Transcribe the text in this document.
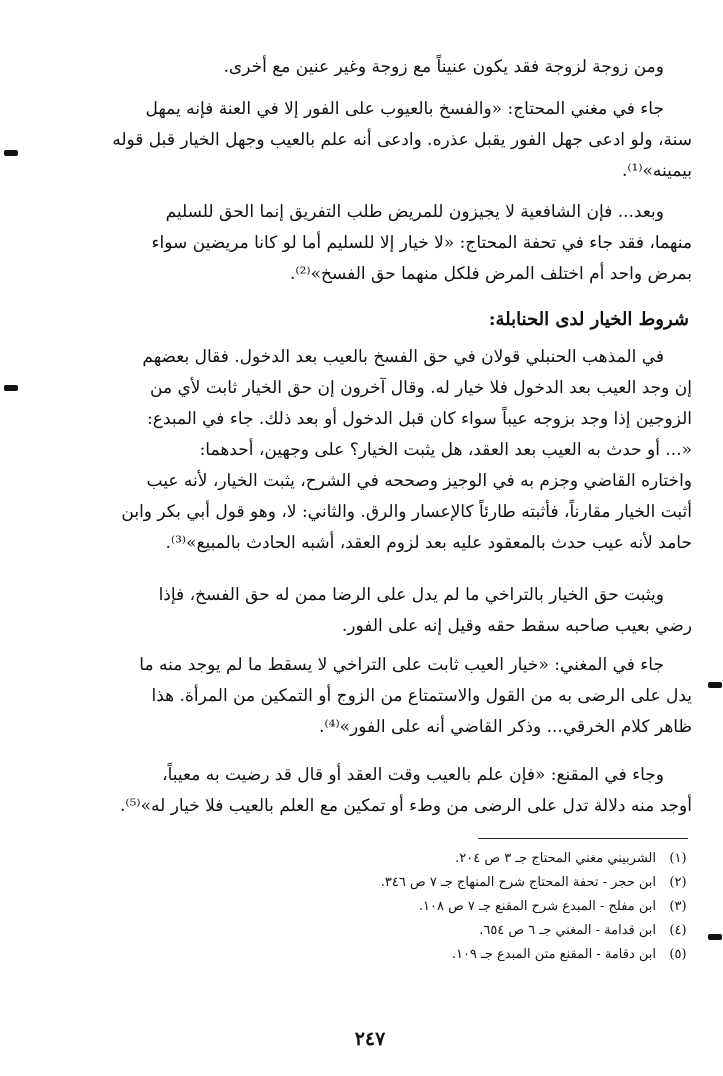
ومن زوجة لزوجة فقد يكون عنيناً مع زوجة وغير عنين مع أخرى.
جاء في مغني المحتاج: «والفسخ بالعيوب على الفور إلا في العنة فإنه يمهل
سنة، ولو ادعى جهل الفور يقبل عذره. وادعى أنه علم بالعيب وجهل الخيار قبل قوله
بيمينه»⁽¹⁾.
وبعد... فإن الشافعية لا يجيزون للمريض طلب التفريق إنما الحق للسليم
منهما، فقد جاء في تحفة المحتاج: «لا خيار إلا للسليم أما لو كانا مريضين سواء
بمرض واحد أم اختلف المرض فلكل منهما حق الفسخ»⁽²⁾.
شروط الخيار لدى الحنابلة:
في المذهب الحنبلي قولان في حق الفسخ بالعيب بعد الدخول. فقال بعضهم
إن وجد العيب بعد الدخول فلا خيار له. وقال آخرون إن حق الخيار ثابت لأي من
الزوجين إذا وجد بزوجه عيباً سواء كان قبل الدخول أو بعد ذلك. جاء في المبدع:
«... أو حدث به العيب بعد العقد، هل يثبت الخيار؟ على وجهين، أحدهما:
واختاره القاضي وجزم به في الوجيز وصححه في الشرح، يثبت الخيار، لأنه عيب
أثبت الخيار مقارناً، فأثبته طارئاً كالإعسار والرق. والثاني: لا، وهو قول أبي بكر وابن
حامد لأنه عيب حدث بالمعقود عليه بعد لزوم العقد، أشبه الحادث بالمبيع»⁽³⁾.
ويثبت حق الخيار بالتراخي ما لم يدل على الرضا ممن له حق الفسخ، فإذا
رضي بعيب صاحبه سقط حقه وقيل إنه على الفور.
جاء في المغني: «خيار العيب ثابت على التراخي لا يسقط ما لم يوجد منه ما
يدل على الرضى به من القول والاستمتاع من الزوج أو التمكين من المرأة. هذا
ظاهر كلام الخرقي... وذكر القاضي أنه على الفور»⁽⁴⁾.
وجاء في المقنع: «فإن علم بالعيب وقت العقد أو قال قد رضيت به معيباً،
أوجد منه دلالة تدل على الرضى من وطء أو تمكين مع العلم بالعيب فلا خيار له»⁽⁵⁾.
(١)
الشربيني مغني المحتاج جـ ٣ ص ٢٠٤.
(٢)
ابن حجر - تحفة المحتاج شرح المنهاج جـ ٧ ص ٣٤٦.
(٣)
ابن مفلح - المبدع شرح المقنع جـ ٧ ص ١٠٨.
(٤)
ابن قدامة - المغني جـ ٦ ص ٦٥٤.
(٥)
ابن دقامة - المقنع متن المبدع جـ ١٠٩.
٢٤٧
